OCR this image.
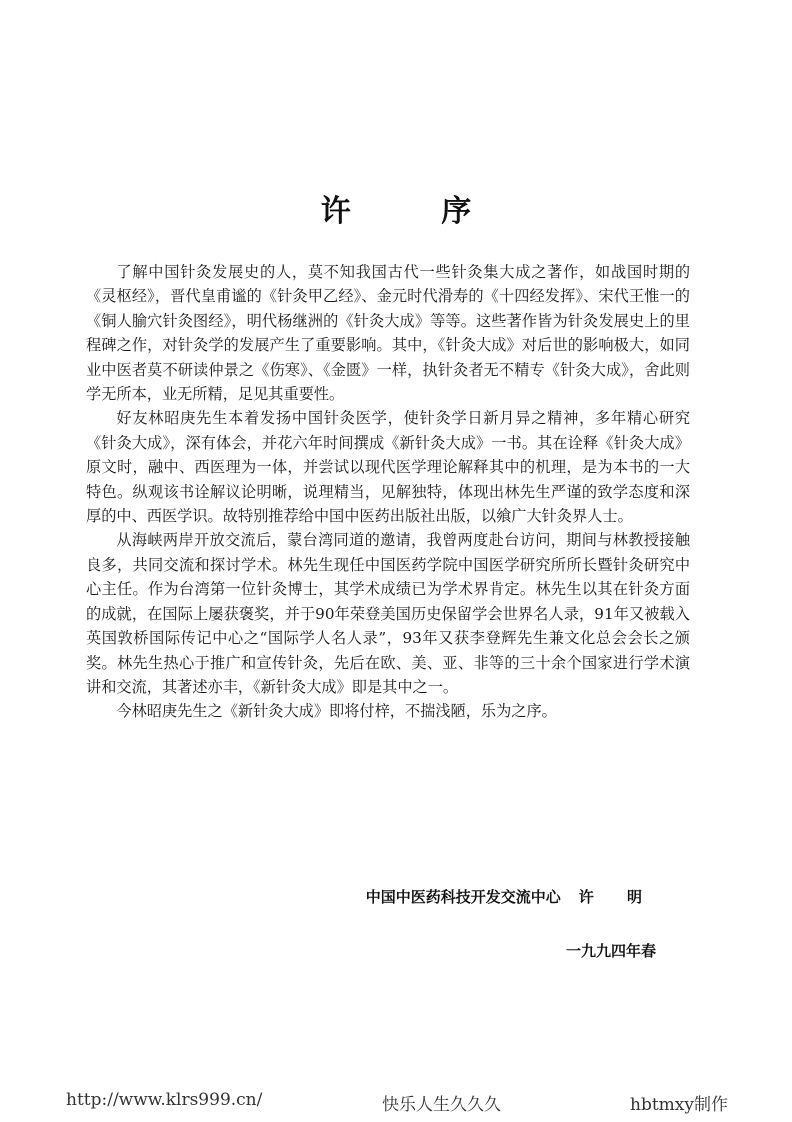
许 序

了解中国针灸发展史的人，莫不知我国古代一些针灸集大成之著作，如战国时期的《灵枢经》，晋代皇甫谧的《针灸甲乙经》、金元时代滑寿的《十四经发挥》、宋代王惟一的《铜人腧穴针灸图经》，明代杨继洲的《针灸大成》等等。这些著作皆为针灸发展史上的里程碑之作，对针灸学的发展产生了重要影响。其中，《针灸大成》对后世的影响极大，如同业中医者莫不研读仲景之《伤寒》、《金匮》一样，执针灸者无不精专《针灸大成》，舍此则学无所本，业无所精，足见其重要性。

好友林昭庚先生本着发扬中国针灸医学，使针灸学日新月异之精神，多年精心研究《针灸大成》，深有体会，并花六年时间撰成《新针灸大成》一书。其在诠释《针灸大成》原文时，融中、西医理为一体，并尝试以现代医学理论解释其中的机理，是为本书的一大特色。纵观该书诠解议论明晰，说理精当，见解独特，体现出林先生严谨的致学态度和深厚的中、西医学识。故特别推荐给中国中医药出版社出版，以飨广大针灸界人士。

从海峡两岸开放交流后，蒙台湾同道的邀请，我曾两度赴台访问，期间与林教授接触良多，共同交流和探讨学术。林先生现任中国医药学院中国医学研究所所长暨针灸研究中心主任。作为台湾第一位针灸博士，其学术成绩已为学术界肯定。林先生以其在针灸方面的成就，在国际上屡获褒奖，并于90年荣登美国历史保留学会世界名人录，91年又被载入英国敦桥国际传记中心之“国际学人名人录”，93年又获李登辉先生兼文化总会会长之颁奖。林先生热心于推广和宣传针灸，先后在欧、美、亚、非等的三十余个国家进行学术演讲和交流，其著述亦丰，《新针灸大成》即是其中之一。

今林昭庚先生之《新针灸大成》即将付梓，不揣浅陋，乐为之序。

中国中医药科技开发交流中心 许 明
一九九四年春
http://www.klrs999.cn/	快乐人生久久久	hbtmxy制作
